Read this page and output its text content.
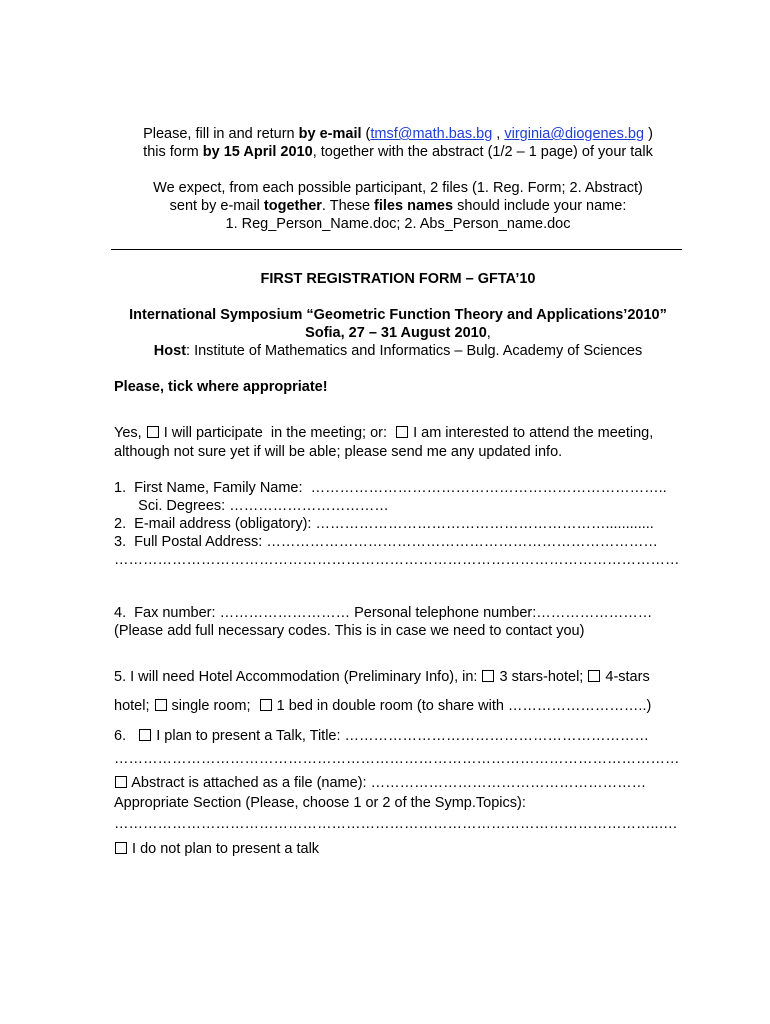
Please, fill in and return by e-mail (tmsf@math.bas.bg , virginia@diogenes.bg )
this form by 15 April 2010, together with the abstract (1/2 – 1 page) of your talk
We expect, from each possible participant, 2 files (1. Reg. Form; 2. Abstract)
sent by e-mail together. These files names should include your name:
1. Reg_Person_Name.doc; 2. Abs_Person_name.doc
FIRST REGISTRATION FORM – GFTA’10
International Symposium “Geometric Function Theory and Applications’2010”
Sofia, 27 – 31 August 2010,
Host: Institute of Mathematics and Informatics – Bulg. Academy of Sciences
Please, tick where appropriate!
Yes,  I will participate  in the meeting; or:   I am interested to attend the meeting,
although not sure yet if will be able; please send me any updated info.
1.  First Name, Family Name:  ………………………………………………………………..
Sci. Degrees: ……………………………
2.  E-mail address (obligatory): ……………………………………………………............
3.  Full Postal Address: ………………………………………………………………………
………………………………………………………………………………………………………
4.  Fax number: ……………………… Personal telephone number:……………………
(Please add full necessary codes. This is in case we need to contact you)
5. I will need Hotel Accommodation (Preliminary Info), in:  3 stars-hotel;  4-stars
hotel;  single room;   1 bed in double room (to share with ………………………..)
6.    I plan to present a Talk, Title: ………………………………………………………
………………………………………………………………………………………………………
Abstract is attached as a file (name): …………………………………………………
Appropriate Section (Please, choose 1 or 2 of the Symp.Topics):
…………………………………………………………………………………………………..….
I do not plan to present a talk
